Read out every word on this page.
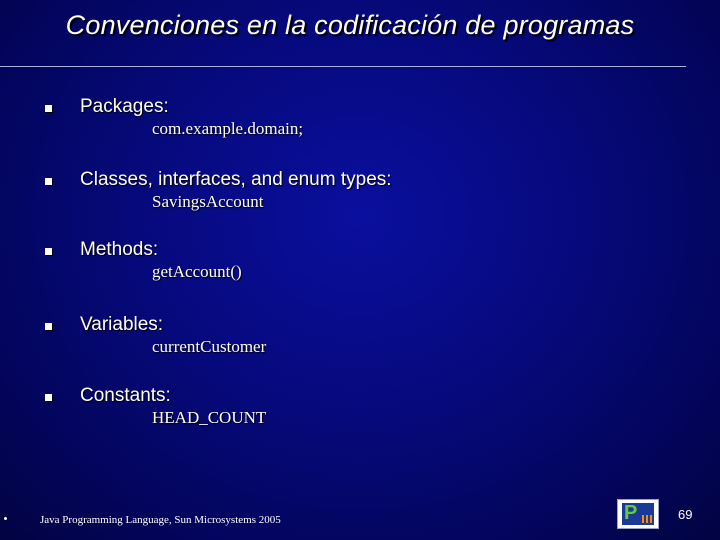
Convenciones en la codificación de programas
Packages:
com.example.domain;
Classes, interfaces, and enum types:
SavingsAccount
Methods:
getAccount()
Variables:
currentCustomer
Constants:
HEAD_COUNT
Java Programming Language, Sun Microsystems 2005	P	69
